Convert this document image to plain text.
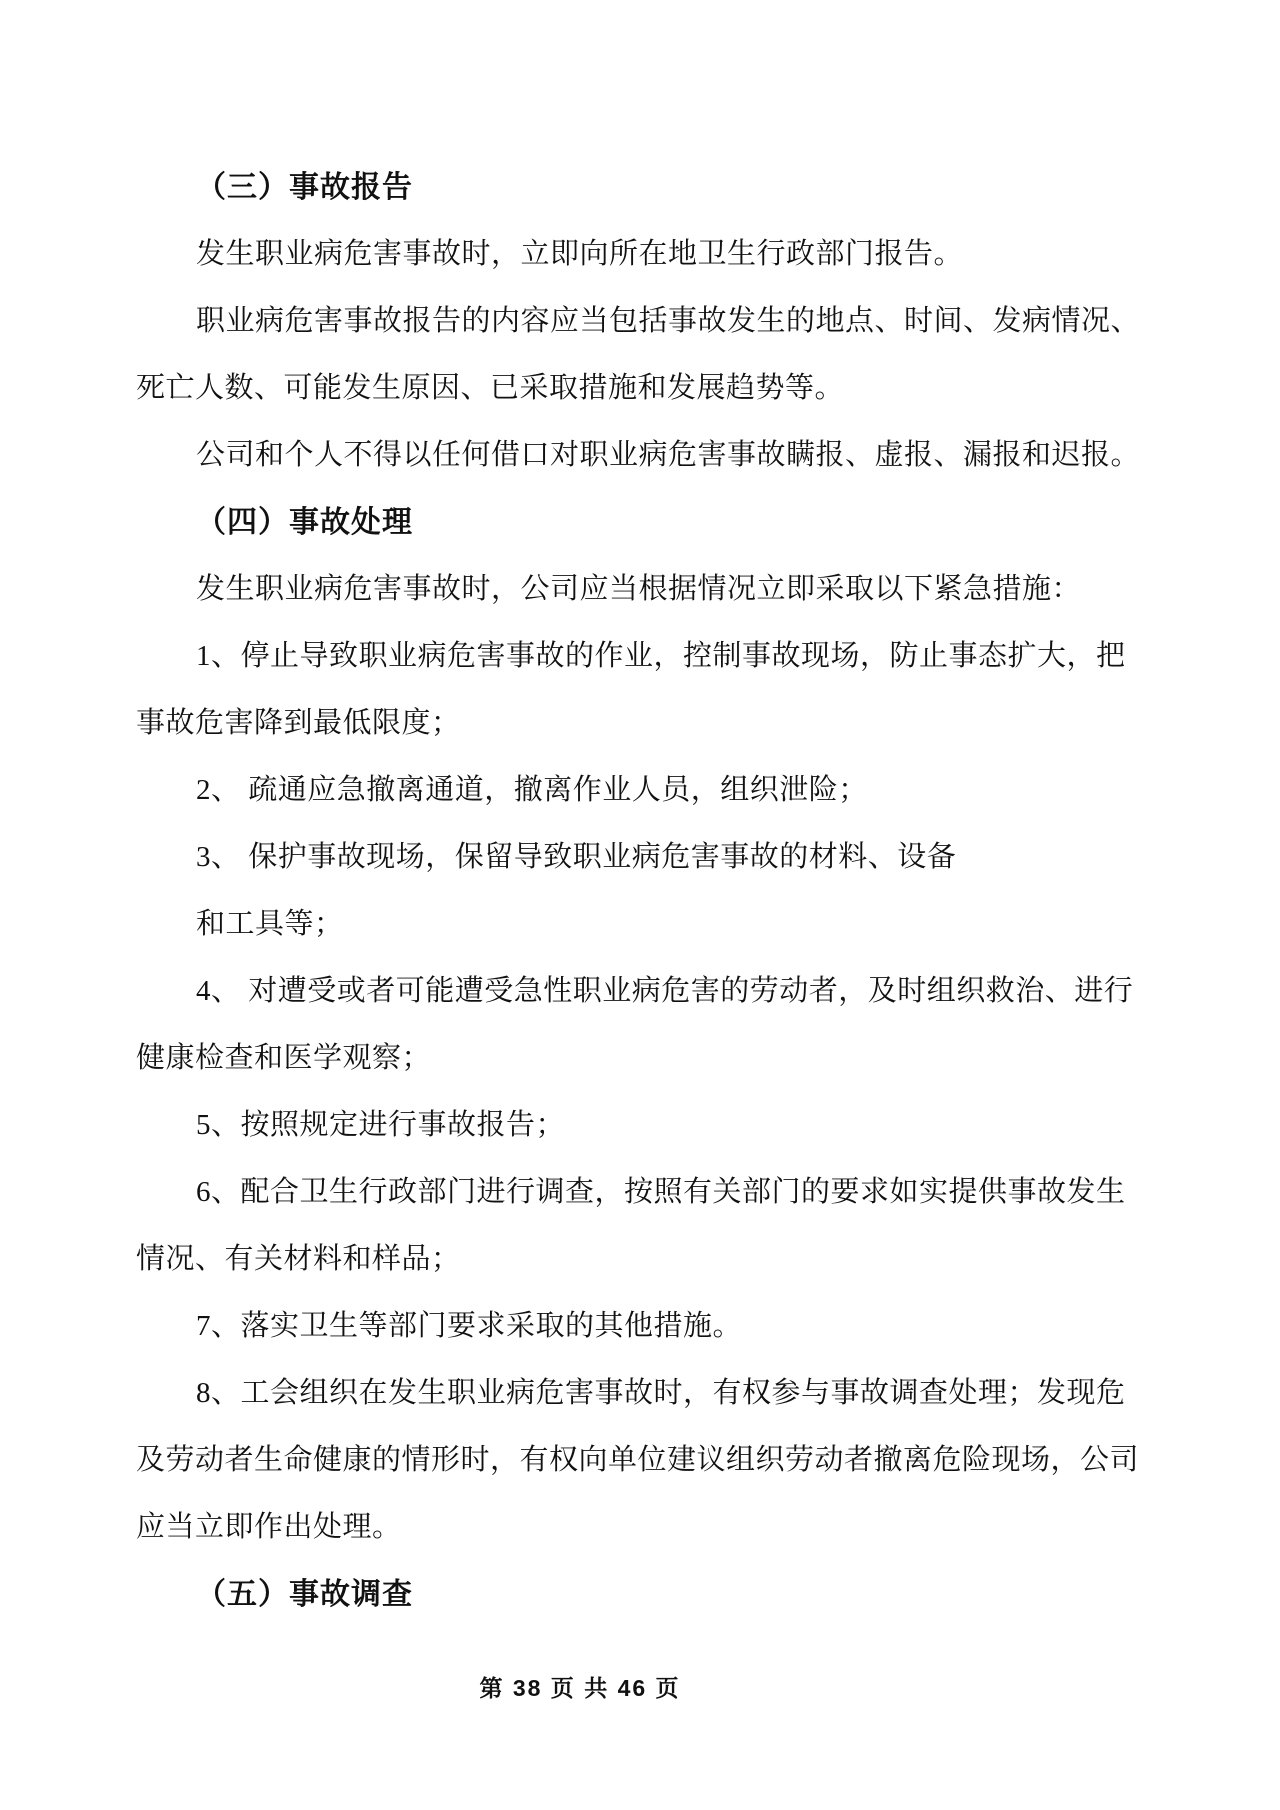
（三）事故报告
发生职业病危害事故时，立即向所在地卫生行政部门报告。
职业病危害事故报告的内容应当包括事故发生的地点、时间、发病情况、
死亡人数、可能发生原因、已采取措施和发展趋势等。
公司和个人不得以任何借口对职业病危害事故瞒报、虚报、漏报和迟报。
（四）事故处理
发生职业病危害事故时，公司应当根据情况立即采取以下紧急措施：
1、停止导致职业病危害事故的作业，控制事故现场，防止事态扩大，把
事故危害降到最低限度；
2、 疏通应急撤离通道，撤离作业人员，组织泄险；
3、 保护事故现场，保留导致职业病危害事故的材料、设备
和工具等；
4、 对遭受或者可能遭受急性职业病危害的劳动者，及时组织救治、进行
健康检查和医学观察；
5、按照规定进行事故报告；
6、配合卫生行政部门进行调查，按照有关部门的要求如实提供事故发生
情况、有关材料和样品；
7、落实卫生等部门要求采取的其他措施。
8、工会组织在发生职业病危害事故时，有权参与事故调查处理；发现危
及劳动者生命健康的情形时，有权向单位建议组织劳动者撤离危险现场，公司
应当立即作出处理。
（五）事故调查
第 38 页 共 46 页
